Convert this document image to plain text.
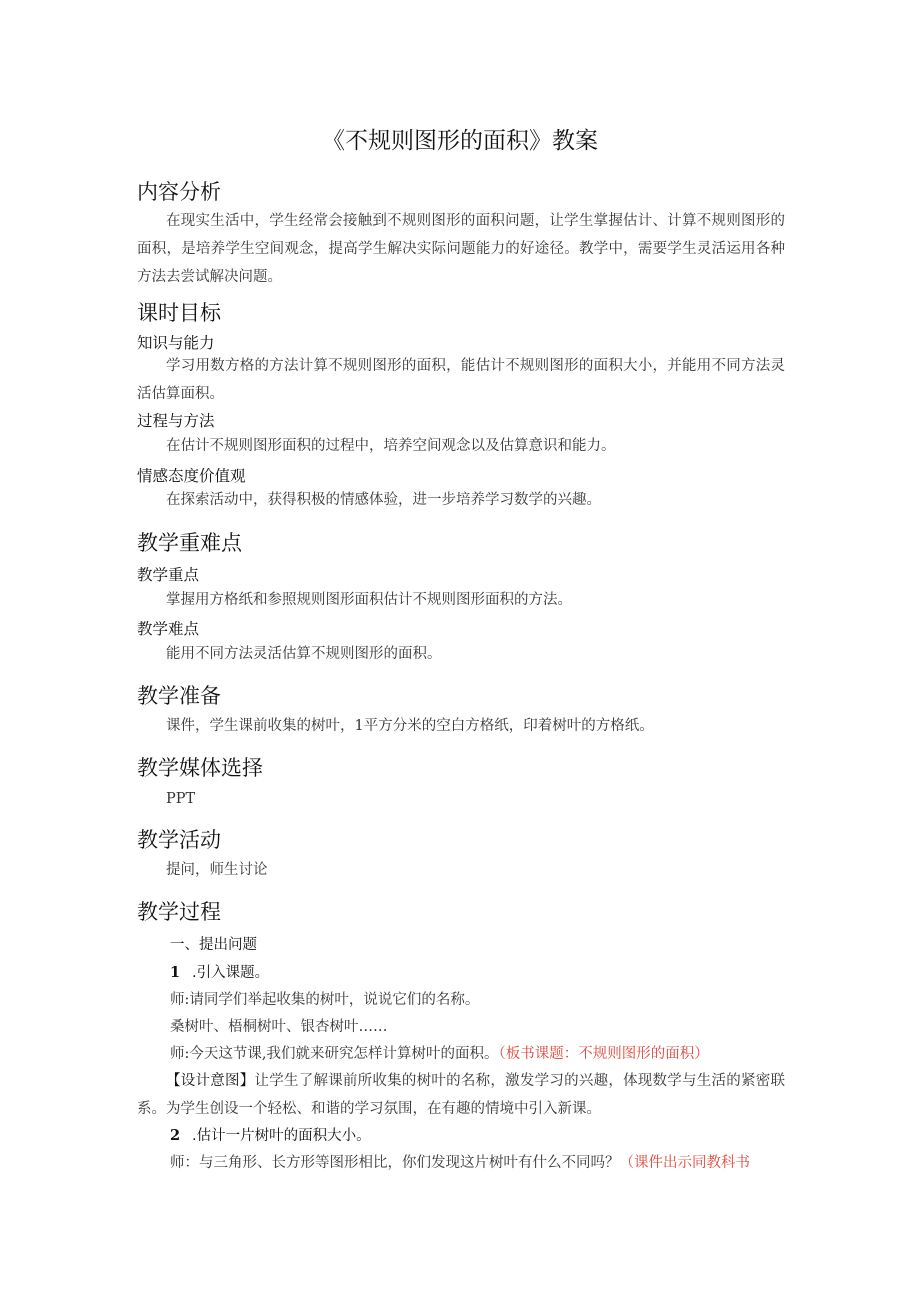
《不规则图形的面积》教案
内容分析
在现实生活中，学生经常会接触到不规则图形的面积问题，让学生掌握估计、计算不规则图形的面积，是培养学生空间观念，提高学生解决实际问题能力的好途径。教学中，需要学生灵活运用各种方法去尝试解决问题。
课时目标
知识与能力
学习用数方格的方法计算不规则图形的面积，能估计不规则图形的面积大小，并能用不同方法灵活估算面积。
过程与方法
在估计不规则图形面积的过程中，培养空间观念以及估算意识和能力。
情感态度价值观
在探索活动中，获得积极的情感体验，进一步培养学习数学的兴趣。
教学重难点
教学重点
掌握用方格纸和参照规则图形面积估计不规则图形面积的方法。
教学难点
能用不同方法灵活估算不规则图形的面积。
教学准备
课件，学生课前收集的树叶，1平方分米的空白方格纸，印着树叶的方格纸。
教学媒体选择
PPT
教学活动
提问，师生讨论
教学过程
一、提出问题
1 .引入课题。
师:请同学们举起收集的树叶，说说它们的名称。
桑树叶、梧桐树叶、银杏树叶……
师:今天这节课,我们就来研究怎样计算树叶的面积。（板书课题：不规则图形的面积）
【设计意图】让学生了解课前所收集的树叶的名称，激发学习的兴趣，体现数学与生活的紧密联系。为学生创设一个轻松、和谐的学习氛围，在有趣的情境中引入新课。
2 .估计一片树叶的面积大小。
师：与三角形、长方形等图形相比，你们发现这片树叶有什么不同吗？（课件出示同教科书
